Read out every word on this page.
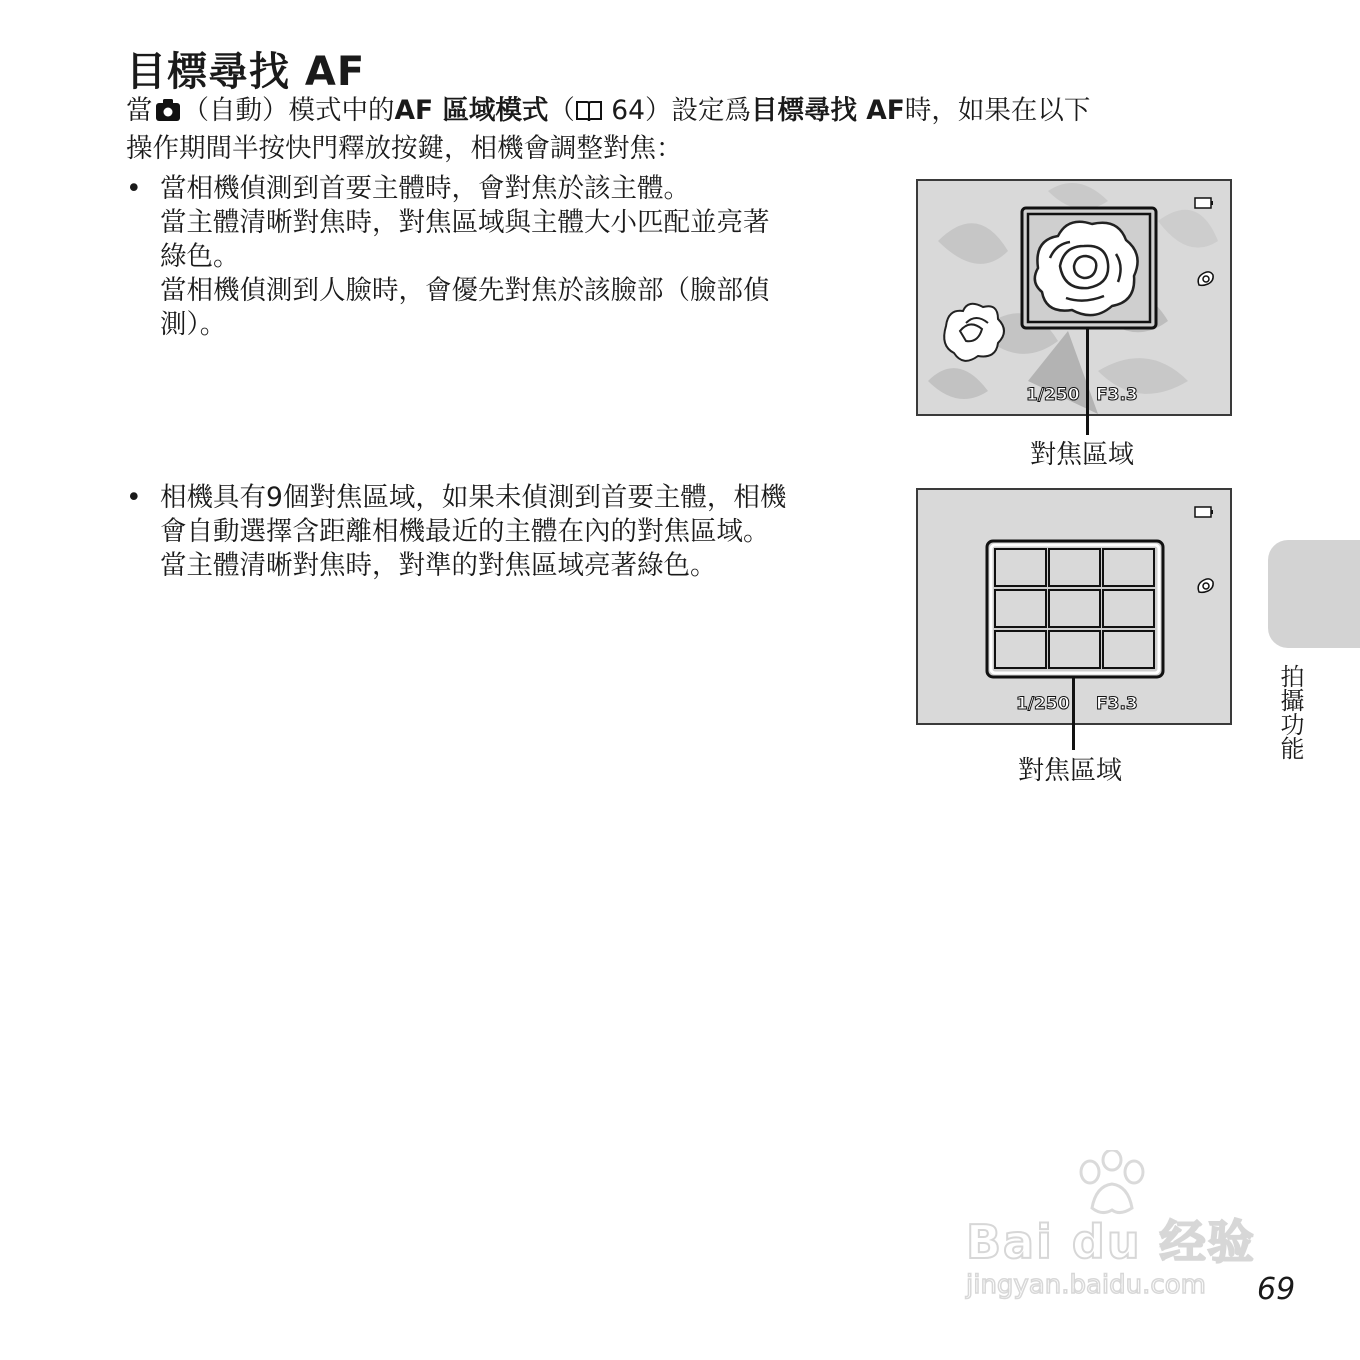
目標尋找 AF
當 （自動）模式中的AF 區域模式（ 64）設定爲目標尋找 AF時，如果在以下
操作期間半按快門釋放按鍵，相機會調整對焦：
• 當相機偵測到首要主體時，會對焦於該主體。
當主體清晰對焦時，對焦區域與主體大小匹配並亮著
綠色。
當相機偵測到人臉時，會優先對焦於該臉部（臉部偵
測）。
• 相機具有9個對焦區域，如果未偵測到首要主體，相機
會自動選擇含距離相機最近的主體在內的對焦區域。
當主體清晰對焦時，對準的對焦區域亮著綠色。
1/250 F3.3
對焦區域
1/250 F3.3
對焦區域
拍攝功能
Bai du 经验
jingyan.baidu.com 69
